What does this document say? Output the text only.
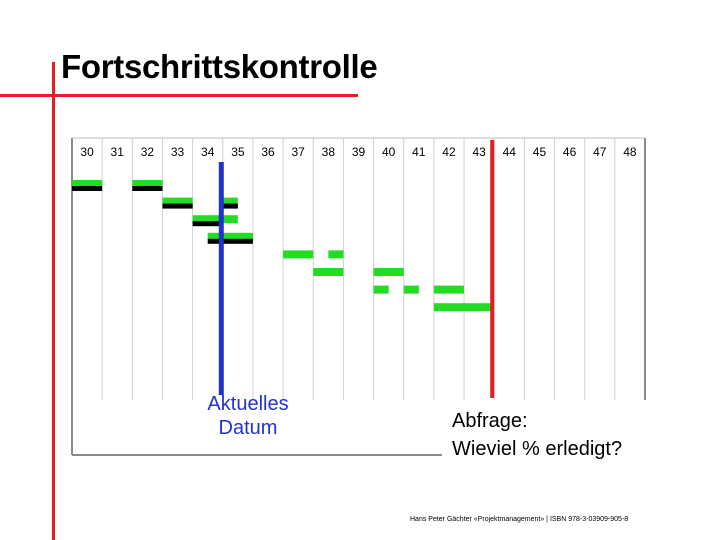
Fortschrittskontrolle
30 31 32 33 34 35 36 37 38 39 40 41 42 43 44 45 46 47 48
Aktuelles
Datum	Abfrage:
Wieviel % erledigt?
Hans Peter Gächter «Projektmanagement» | ISBN 978-3-03909-905-8
